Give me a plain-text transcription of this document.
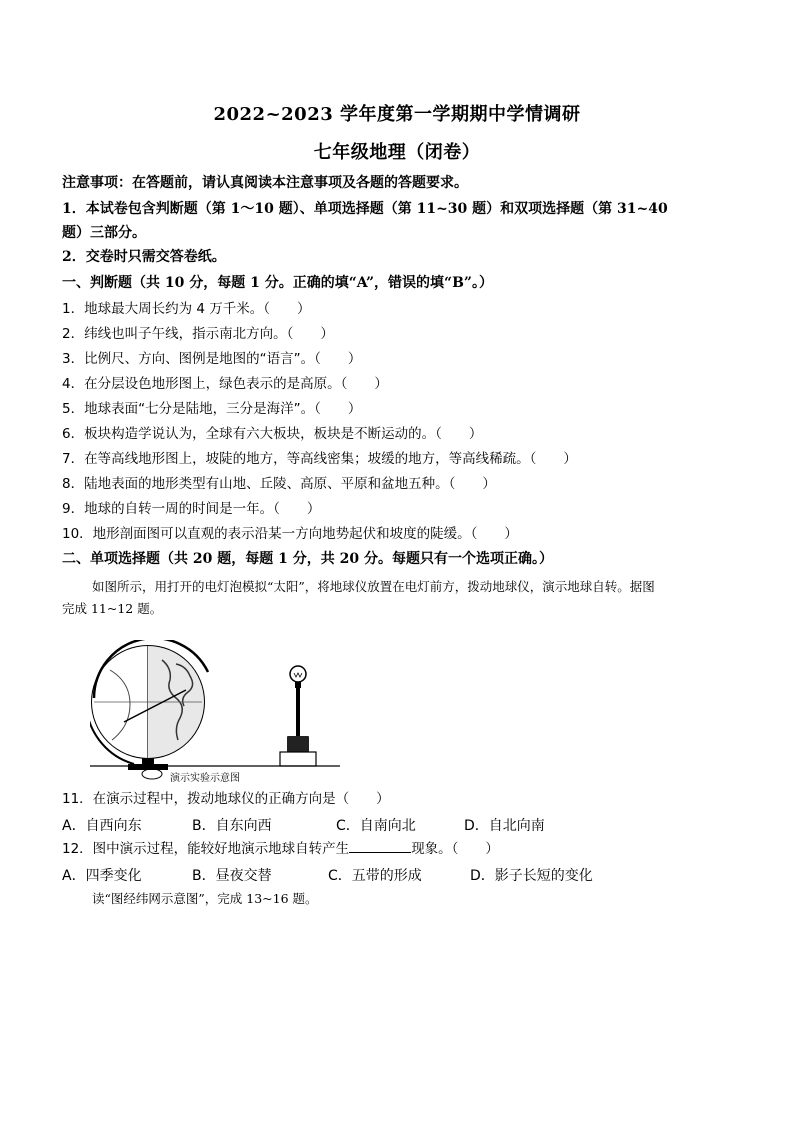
2022~2023 学年度第一学期期中学情调研
七年级地理（闭卷）
注意事项：在答题前，请认真阅读本注意事项及各题的答题要求。
1．本试卷包含判断题（第 1～10 题）、单项选择题（第 11~30 题）和双项选择题（第 31~40
题）三部分。
2．交卷时只需交答卷纸。
一、判断题（共 10 分，每题 1 分。正确的填“A”，错误的填“B”。）
1．地球最大周长约为 4 万千米。（　　）
2．纬线也叫子午线，指示南北方向。（　　）
3．比例尺、方向、图例是地图的“语言”。（　　）
4．在分层设色地形图上，绿色表示的是高原。（　　）
5．地球表面“七分是陆地，三分是海洋”。（　　）
6．板块构造学说认为，全球有六大板块，板块是不断运动的。（　　）
7．在等高线地形图上，坡陡的地方，等高线密集；坡缓的地方，等高线稀疏。（　　）
8．陆地表面的地形类型有山地、丘陵、高原、平原和盆地五种。（　　）
9．地球的自转一周的时间是一年。（　　）
10．地形剖面图可以直观的表示沿某一方向地势起伏和坡度的陡缓。（　　）
二、单项选择题（共 20 题，每题 1 分，共 20 分。每题只有一个选项正确。）
如图所示，用打开的电灯泡模拟“太阳”，将地球仪放置在电灯前方，拨动地球仪，演示地球自转。据图
完成 11~12 题。
演示实验示意图
11．在演示过程中，拨动地球仪的正确方向是（　　）
A．自西向东	B．自东向西	C．自南向北	D．自北向南
12．图中演示过程，能较好地演示地球自转产生	现象。（　　）
A．四季变化	B．昼夜交替	C．五带的形成	D．影子长短的变化
读“图经纬网示意图”，完成 13~16 题。
